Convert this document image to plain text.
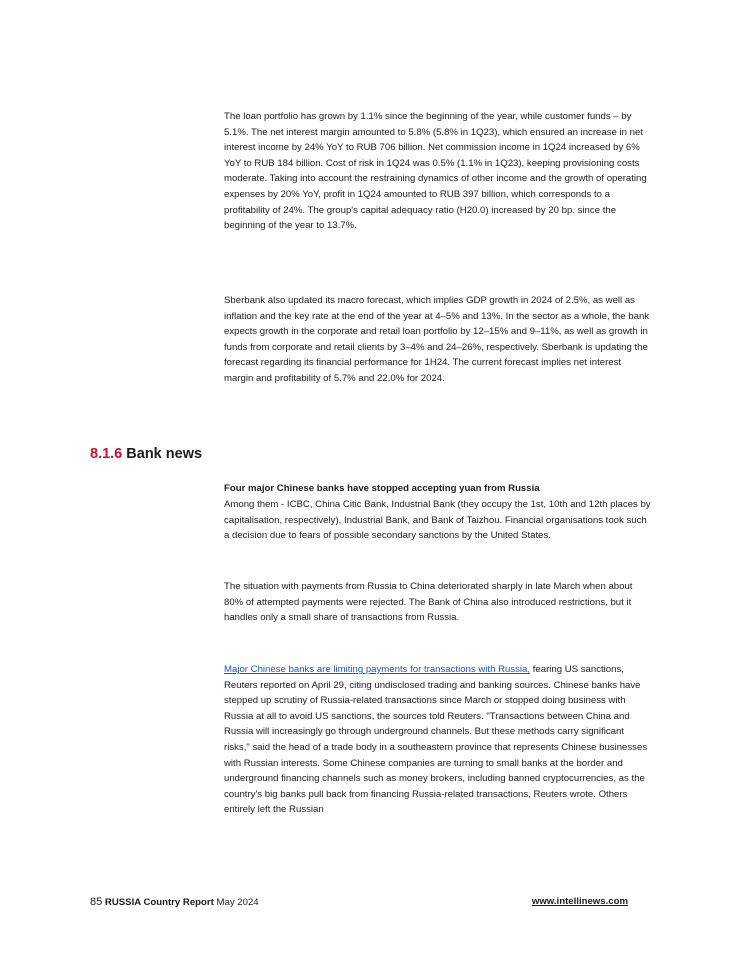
The loan portfolio has grown by 1.1% since the beginning of the year, while customer funds – by 5.1%. The net interest margin amounted to 5.8% (5.8% in 1Q23), which ensured an increase in net interest income by 24% YoY to RUB 706 billion. Net commission income in 1Q24 increased by 6% YoY to RUB 184 billion. Cost of risk in 1Q24 was 0.5% (1.1% in 1Q23), keeping provisioning costs moderate. Taking into account the restraining dynamics of other income and the growth of operating expenses by 20% YoY, profit in 1Q24 amounted to RUB 397 billion, which corresponds to a profitability of 24%. The group's capital adequacy ratio (H20.0) increased by 20 bp. since the beginning of the year to 13.7%.

Sberbank also updated its macro forecast, which implies GDP growth in 2024 of 2.5%, as well as inflation and the key rate at the end of the year at 4–5% and 13%. In the sector as a whole, the bank expects growth in the corporate and retail loan portfolio by 12–15% and 9–11%, as well as growth in funds from corporate and retail clients by 3–4% and 24–26%, respectively. Sberbank is updating the forecast regarding its financial performance for 1H24. The current forecast implies net interest margin and profitability of 5.7% and 22.0% for 2024.

8.1.6 Bank news

Four major Chinese banks have stopped accepting yuan from Russia

Among them - ICBC, China Citic Bank, Industrial Bank (they occupy the 1st, 10th and 12th places by capitalisation, respectively), Industrial Bank, and Bank of Taizhou. Financial organisations took such a decision due to fears of possible secondary sanctions by the United States.

The situation with payments from Russia to China deteriorated sharply in late March when about 80% of attempted payments were rejected. The Bank of China also introduced restrictions, but it handles only a small share of transactions from Russia.

Major Chinese banks are limiting payments for transactions with Russia, fearing US sanctions, Reuters reported on April 29, citing undisclosed trading and banking sources. Chinese banks have stepped up scrutiny of Russia-related transactions since March or stopped doing business with Russia at all to avoid US sanctions, the sources told Reuters. "Transactions between China and Russia will increasingly go through underground channels. But these methods carry significant risks," said the head of a trade body in a southeastern province that represents Chinese businesses with Russian interests. Some Chinese companies are turning to small banks at the border and underground financing channels such as money brokers, including banned cryptocurrencies, as the country's big banks pull back from financing Russia-related transactions, Reuters wrote. Others entirely left the Russian

85 RUSSIA Country Report May 2024	www.intellinews.com
